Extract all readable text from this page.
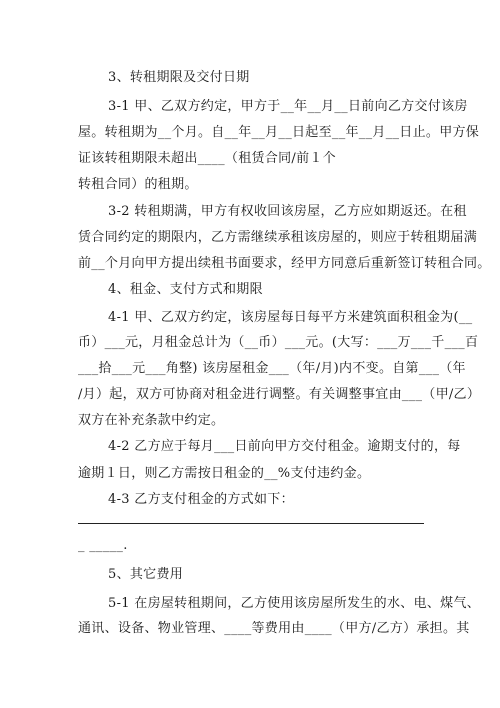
3、转租期限及交付日期
3-1 甲、乙双方约定，甲方于__年__月__日前向乙方交付该房
屋。转租期为__个月。自__年__月__日起至__年__月__日止。甲方保
证该转租期限未超出____（租赁合同/前１个
转租合同）的租期。
3-2 转租期满，甲方有权收回该房屋，乙方应如期返还。在租
赁合同约定的期限内，乙方需继续承租该房屋的，则应于转租期届满
前__个月向甲方提出续租书面要求，经甲方同意后重新签订转租合同。
4、租金、支付方式和期限
4-1 甲、乙双方约定，该房屋每日每平方米建筑面积租金为(__
币）___元，月租金总计为（__币）___元。(大写：___万___千___百
___拾___元___角整) 该房屋租金___（年/月)内不变。自第___（年
/月）起，双方可协商对租金进行调整。有关调整事宜由___（甲/乙）
双方在补充条款中约定。
4-2 乙方应于每月___日前向甲方交付租金。逾期支付的，每
逾期１日，则乙方需按日租金的__%支付违约金。
4-3 乙方支付租金的方式如下：
_ _____.
5、其它费用
5-1 在房屋转租期间，乙方使用该房屋所发生的水、电、煤气、
通讯、设备、物业管理、____等费用由____（甲方/乙方）承担。其
